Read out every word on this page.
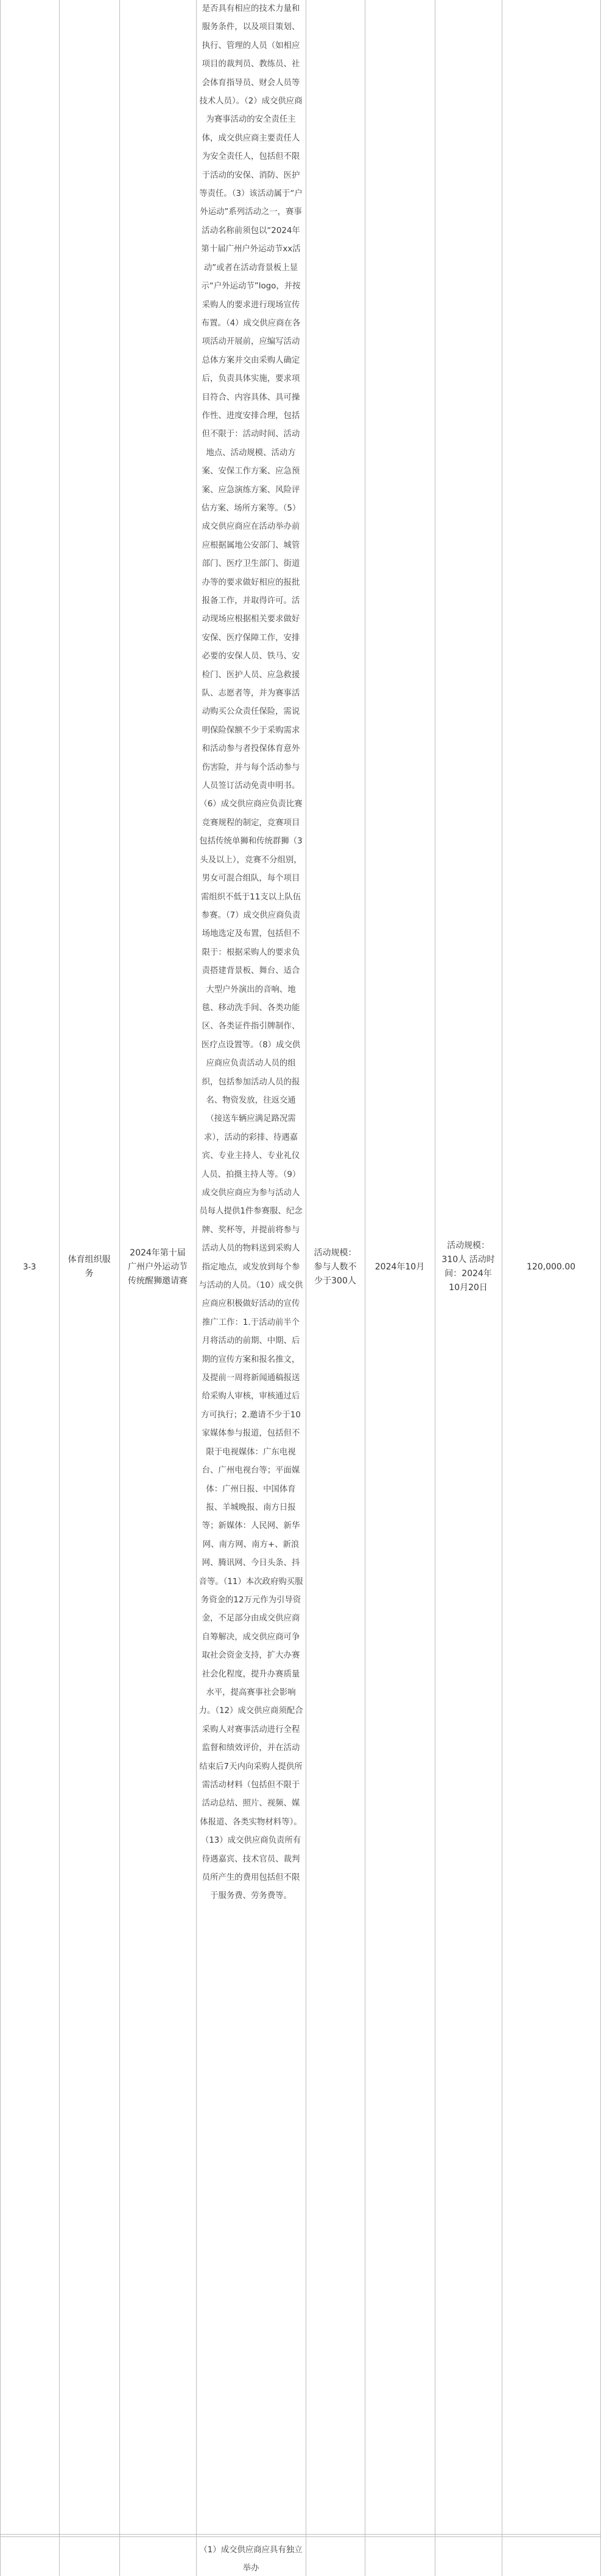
3-3
体育组织服务
2024年第十届广州户外运动节传统醒狮邀请赛
是否具有相应的技术力量和服务条件，以及项目策划、执行、管理的人员（如相应项目的裁判员、教练员、社会体育指导员、财会人员等技术人员）。（2）成交供应商为赛事活动的安全责任主体，成交供应商主要责任人为安全责任人，包括但不限于活动的安保、消防、医护等责任。（3）该活动属于“户外运动”系列活动之一，赛事活动名称前须包以“2024年第十届广州户外运动节xx活动”或者在活动背景板上显示“户外运动节”logo，并按采购人的要求进行现场宣传布置。（4）成交供应商在各项活动开展前，应编写活动总体方案并交由采购人确定后，负责具体实施，要求项目符合、内容具体、具可操作性、进度安排合理，包括但不限于：活动时间、活动地点、活动规模、活动方案、安保工作方案、应急预案、应急演练方案、风险评估方案、场所方案等。（5）成交供应商应在活动举办前应根据属地公安部门、城管部门、医疗卫生部门、街道办等的要求做好相应的报批报备工作，并取得许可。活动现场应根据相关要求做好安保、医疗保障工作，安排必要的安保人员、铁马、安检门、医护人员、应急救援队、志愿者等，并为赛事活动购买公众责任保险，需说明保险保额不少于采购需求和活动参与者投保体育意外伤害险，并与每个活动参与人员签订活动免责申明书。（6）成交供应商应负责比赛竞赛规程的制定，竞赛项目包括传统单狮和传统群狮（3头及以上），竞赛不分组别，男女可混合组队，每个项目需组织不低于11支以上队伍参赛。（7）成交供应商负责场地选定及布置，包括但不限于：根据采购人的要求负责搭建背景板、舞台、适合大型户外演出的音响、地毯、移动洗手间、各类功能区、各类证件指引牌制作、医疗点设置等。（8）成交供应商应负责活动人员的组织，包括参加活动人员的报名、物资发放，往返交通（接送车辆应满足路况需求），活动的彩排、待遇嘉宾、专业主持人、专业礼仪人员、拍摄主持人等。（9）成交供应商应为参与活动人员每人提供1件参赛服、纪念牌、奖杯等，并提前将参与活动人员的物料送到采购人指定地点，或发放到每个参与活动的人员。（10）成交供应商应积极做好活动的宣传推广工作：1.于活动前半个月将活动的前期、中期、后期的宣传方案和报名推文，及提前一周将新闻通稿报送给采购人审核，审核通过后方可执行；2.邀请不少于10家媒体参与报道，包括但不限于电视媒体：广东电视台、广州电视台等；平面媒体：广州日报、中国体育报、羊城晚报、南方日报等；新媒体：人民网、新华网、南方网、南方+、新浪网、腾讯网、今日头条、抖音等。（11）本次政府购买服务资金的12万元作为引导资金，不足部分由成交供应商自筹解决，成交供应商可争取社会资金支持，扩大办赛社会化程度，提升办赛质量水平，提高赛事社会影响力。（12）成交供应商须配合采购人对赛事活动进行全程监督和绩效评价，并在活动结束后7天内向采购人提供所需活动材料（包括但不限于活动总结、照片、视频、媒体报道、各类实物材料等）。（13）成交供应商负责所有待遇嘉宾、技术官员、裁判员所产生的费用包括但不限于服务费、劳务费等。
活动规模：参与人数不少于300人
2024年10月
活动规模：310人 活动时间：2024年10月20日
120,000.00
（1）成交供应商应具有独立举办
